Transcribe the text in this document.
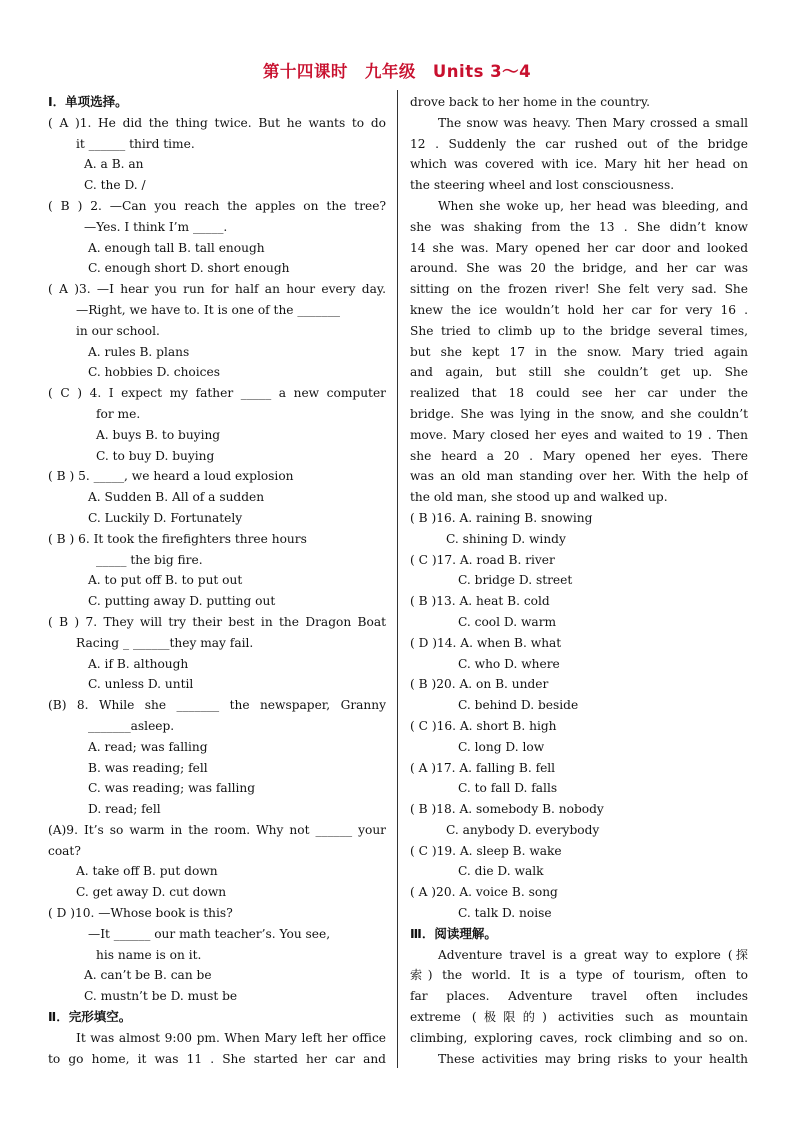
第十四课时　九年级　Units 3～4
Ⅰ．单项选择。
( A )1. He did the thing twice. But he wants to do
it ______ third time.
A. a B. an
C. the D. /
( B ) 2. —Can you reach the apples on the tree?
—Yes. I think I’m _____.
A. enough tall B. tall enough
C. enough short D. short enough
( A )3. —I hear you run for half an hour every day.
—Right, we have to. It is one of the _______
in our school.
A. rules B. plans
C. hobbies D. choices
( C ) 4. I expect my father _____ a new computer
for me.
A. buys B. to buying
C. to buy D. buying
( B ) 5. _____, we heard a loud explosion
A. Sudden B. All of a sudden
C. Luckily D. Fortunately
( B ) 6. It took the firefighters three hours
_____ the big fire.
A. to put off B. to put out
C. putting away D. putting out
( B ) 7. They will try their best in the Dragon Boat
Racing _ ______they may fail.
A. if B. although
C. unless D. until
(B) 8. While she _______ the newspaper, Granny
_______asleep.
A. read; was falling
B. was reading; fell
C. was reading; was falling
D. read; fell
(A)9. It’s so warm in the room. Why not ______ your
coat?
A. take off B. put down
C. get away D. cut down
( D )10. —Whose book is this?
—It ______ our math teacher’s. You see,
his name is on it.
A. can’t be B. can be
C. mustn’t be D. must be
Ⅱ．完形填空。
It was almost 9:00 pm. When Mary left her office
to go home, it was 11 . She started her car and
drove back to her home in the country.
The snow was heavy. Then Mary crossed a small
12 . Suddenly the car rushed out of the bridge
which was covered with ice. Mary hit her head on
the steering wheel and lost consciousness.
When she woke up, her head was bleeding, and
she was shaking from the 13 . She didn’t know
14 she was. Mary opened her car door and looked
around. She was 20 the bridge, and her car was
sitting on the frozen river! She felt very sad. She
knew the ice wouldn’t hold her car for very 16 .
She tried to climb up to the bridge several times,
but she kept 17 in the snow. Mary tried again
and again, but still she couldn’t get up. She
realized that 18 could see her car under the
bridge. She was lying in the snow, and she couldn’t
move. Mary closed her eyes and waited to 19 . Then
she heard a 20 . Mary opened her eyes. There
was an old man standing over her. With the help of
the old man, she stood up and walked up.
( B )16. A. raining B. snowing
C. shining D. windy
( C )17. A. road B. river
C. bridge D. street
( B )13. A. heat B. cold
C. cool D. warm
( D )14. A. when B. what
C. who D. where
( B )20. A. on B. under
C. behind D. beside
( C )16. A. short B. high
C. long D. low
( A )17. A. falling B. fell
C. to fall D. falls
( B )18. A. somebody B. nobody
C. anybody D. everybody
( C )19. A. sleep B. wake
C. die D. walk
( A )20. A. voice B. song
C. talk D. noise
Ⅲ．阅读理解。
Adventure travel is a great way to explore (探
索) the world. It is a type of tourism, often to
far places. Adventure travel often includes
extreme (极限的) activities such as mountain
climbing, exploring caves, rock climbing and so on.
These activities may bring risks to your health
